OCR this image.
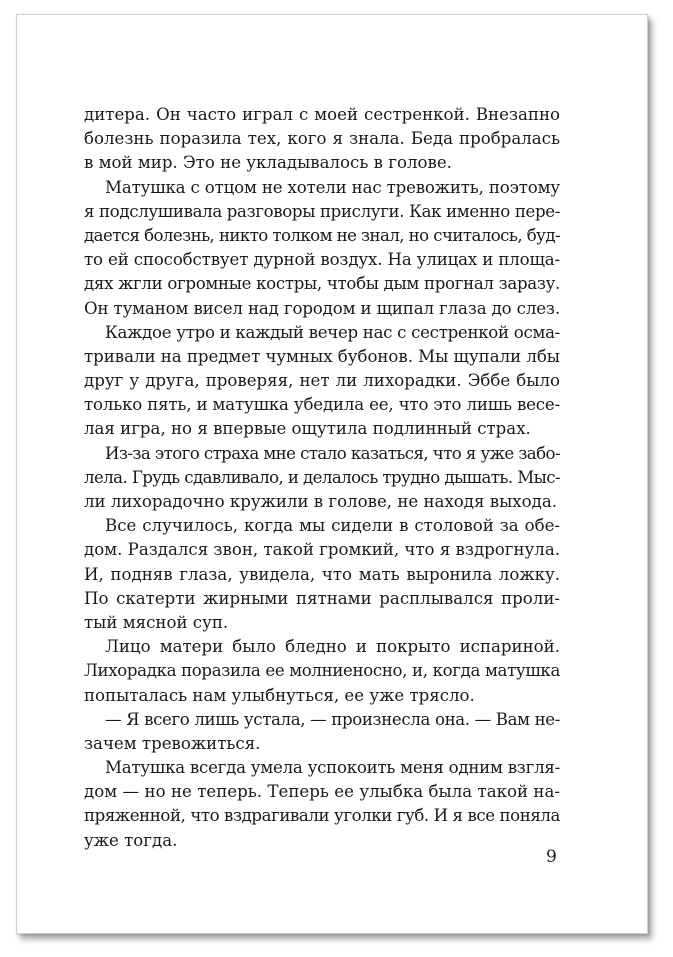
дитера. Он часто играл с моей сестренкой. Внезапно
болезнь поразила тех, кого я знала. Беда пробралась
в мой мир. Это не укладывалось в голове.
Матушка с отцом не хотели нас тревожить, поэтому
я подслушивала разговоры прислуги. Как именно пере-
дается болезнь, никто толком не знал, но считалось, буд-
то ей способствует дурной воздух. На улицах и площа-
дях жгли огромные костры, чтобы дым прогнал заразу.
Он туманом висел над городом и щипал глаза до слез.
Каждое утро и каждый вечер нас с сестренкой осма-
тривали на предмет чумных бубонов. Мы щупали лбы
друг у друга, проверяя, нет ли лихорадки. Эббе было
только пять, и матушка убедила ее, что это лишь весе-
лая игра, но я впервые ощутила подлинный страх.
Из-за этого страха мне стало казаться, что я уже забо-
лела. Грудь сдавливало, и делалось трудно дышать. Мыс-
ли лихорадочно кружили в голове, не находя выхода.
Все случилось, когда мы сидели в столовой за обе-
дом. Раздался звон, такой громкий, что я вздрогнула.
И, подняв глаза, увидела, что мать выронила ложку.
По скатерти жирными пятнами расплывался проли-
тый мясной суп.
Лицо матери было бледно и покрыто испариной.
Лихорадка поразила ее молниеносно, и, когда матушка
попыталась нам улыбнуться, ее уже трясло.
— Я всего лишь устала, — произнесла она. — Вам не-
зачем тревожиться.
Матушка всегда умела успокоить меня одним взгля-
дом — но не теперь. Теперь ее улыбка была такой на-
пряженной, что вздрагивали уголки губ. И я все поняла
уже тогда.
9
